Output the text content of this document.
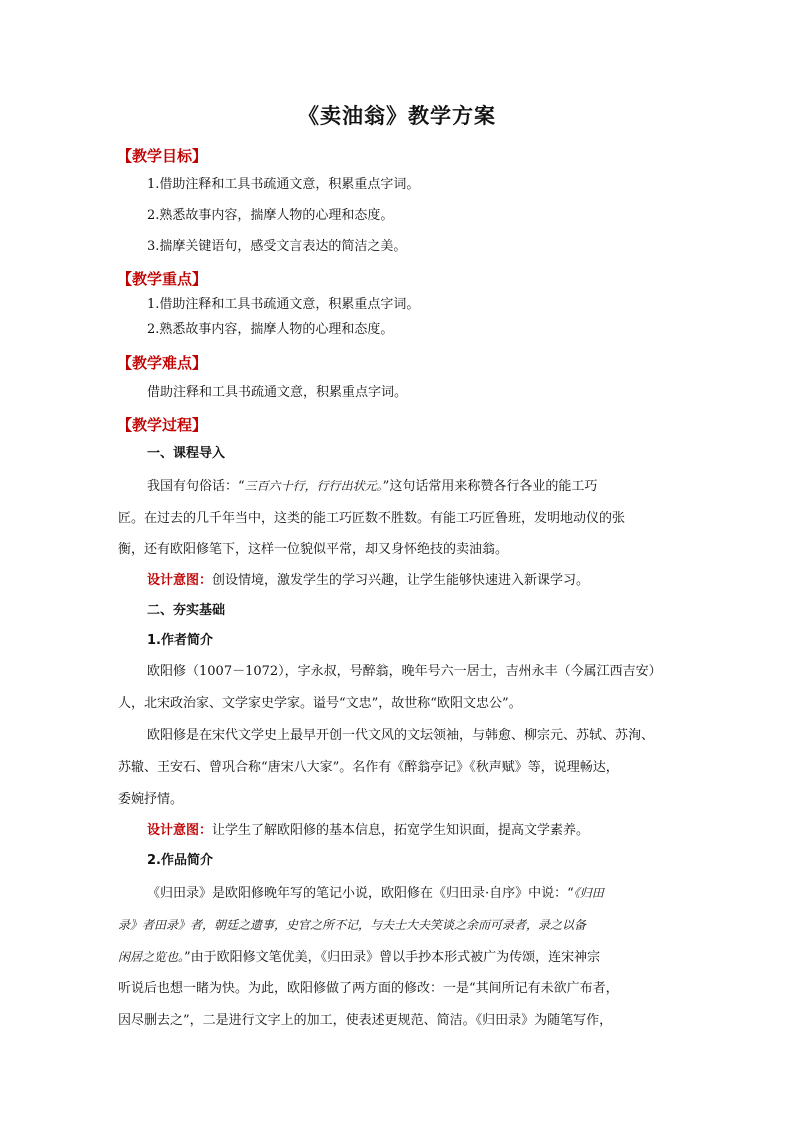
《卖油翁》教学方案
【教学目标】
1.借助注释和工具书疏通文意，积累重点字词。
2.熟悉故事内容，揣摩人物的心理和态度。
3.揣摩关键语句，感受文言表达的简洁之美。
【教学重点】
1.借助注释和工具书疏通文意，积累重点字词。
2.熟悉故事内容，揣摩人物的心理和态度。
【教学难点】
借助注释和工具书疏通文意，积累重点字词。
【教学过程】
一、课程导入
我国有句俗话：“三百六十行，行行出状元。”这句话常用来称赞各行各业的能工巧
匠。在过去的几千年当中，这类的能工巧匠数不胜数。有能工巧匠鲁班，发明地动仪的张
衡，还有欧阳修笔下，这样一位貌似平常，却又身怀绝技的卖油翁。
设计意图：创设情境，激发学生的学习兴趣，让学生能够快速进入新课学习。
二、夯实基础
1.作者简介
欧阳修（1007－1072），字永叔，号醉翁，晚年号六一居士，吉州永丰（今属江西吉安）
人，北宋政治家、文学家史学家。谥号“文忠”，故世称“欧阳文忠公”。
欧阳修是在宋代文学史上最早开创一代文风的文坛领袖，与韩愈、柳宗元、苏轼、苏洵、
苏辙、王安石、曾巩合称“唐宋八大家”。名作有《醉翁亭记》《秋声赋》等，说理畅达，
委婉抒情。
设计意图：让学生了解欧阳修的基本信息，拓宽学生知识面，提高文学素养。
2.作品简介
《归田录》是欧阳修晚年写的笔记小说，欧阳修在《归田录·自序》中说：“《归田
录》者田录》者，朝廷之遗事，史官之所不记，与夫士大夫笑谈之余而可录者，录之以备
闲居之览也。”由于欧阳修文笔优美，《归田录》曾以手抄本形式被广为传颂，连宋神宗
听说后也想一睹为快。为此，欧阳修做了两方面的修改：一是“其间所记有未欲广布者，
因尽删去之”，二是进行文字上的加工，使表述更规范、简洁。《归田录》为随笔写作，
